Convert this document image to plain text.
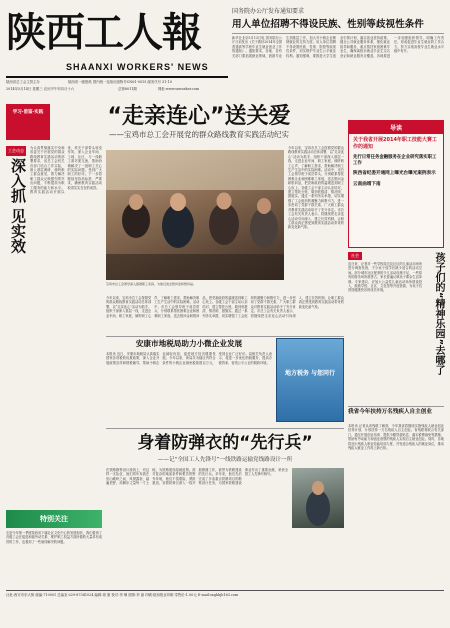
陕西工人報
SHAANXI WORKERS' NEWS
陕西省总工会主管主办	陕西省一级报纸 国内统一连续出版物号CN61-0015 邮发代号 51-10
2014年5月14日 星期三 农历甲午年四月十六	总第8011期	网址:www.sxworker.com
国务院办公厅发布通知要求
用人单位招聘不得设民族、性别等歧视性条件
新华社北京5月13日电 国务院办公厅日前发出《关于做好2014年全国普通高等学校毕业生就业创业工作的通知》。通知要求，各地、各有关部门要拓展就业领域，鼓励毕业生到基层工作，加大对小微企业吸纳就业的支持力度。用人单位招聘不得设置民族、性别、院校等歧视性条件，切实维护毕业生公平就业权利。通知强调，要推进大学生创业引领计划，落实创业扶持政策，健全公共就业服务体系，强化就业指导和服务，重点帮扶家庭困难毕业生，确保离校未就业毕业生实名登记和就业服务全覆盖。各地要进一步加强组织领导，明确工作责任，形成促进毕业生就业的工作合力，努力实现高校毕业生就业水平稳中有升。
学习·借鉴·实践	“走亲连心”送关爱
——宝鸡市总工会开展党的群众路线教育实践活动纪实
导读
关于我省开展2014年职工技能大赛工作的通知
先行日常任务金融服务在企业研究落实职工工作
陕西省纪委开通网上曝光台曝光案例表示
云南曲靖下南
工会动态
深入抓 见实效
为认真贯彻落实中央和省委关于开展党的群众路线教育实践活动的部署要求，省总工会机关各部门结合工作实际，深入基层调研，倾听职工群众意见，着力解决职工群众反映强烈的突出问题，不断提高为职工服务的能力和水平。教育实践活动开展以来，机关干部带头转变作风，深入企业车间、工地、社区，与一线职工面对面交流，帮助协调解决了一批职工关心的实际问题，受到广大职工的好评。下一步将继续坚持高标准、严要求，确保教育实践活动取得实实在在的成效。
宝鸡市总工会领导深入困难职工家庭，为他们送去慰问金和慰问品。
今年以来，宝鸡市总工会按照党的群众路线教育实践活动总体部署，以“走亲连心”活动为抓手，组织干部深入基层一线，走进企业车间、职工家庭，倾听职工心声，了解职工需求，帮助解决职工生产生活中的实际困难。活动中，市总工会领导班子成员带头，分别联系帮扶困难企业和困难职工家庭，送去慰问金和慰问品，把党和政府的温暖送到职工心坎上。各级工会干部主动认亲结对，建立帮扶台账，做到底数清、情况明、措施实。通过一系列务实举措，切实增强了工会组织的凝聚力和吸引力，进一步密切了党群干群关系，广大职工群众对教育实践活动给予了充分肯定。市总工会有关负责人表示，将继续把走亲连心活动引向深入，建立长效机制，让职工群众真正感受到教育实践活动带来的新变化新气象。
今年以来，宝鸡市总工会按照党的群众路线教育实践活动总体部署，以“走亲连心”活动为抓手，组织干部深入基层一线，走进企业车间、职工家庭，倾听职工心声，了解职工需求，帮助解决职工生产生活中的实际困难。活动中，市总工会领导班子成员带头，分别联系帮扶困难企业和困难职工家庭，送去慰问金和慰问品，把党和政府的温暖送到职工心坎上。各级工会干部主动认亲结对，建立帮扶台账，做到底数清、情况明、措施实。通过一系列务实举措，切实增强了工会组织的凝聚力和吸引力，进一步密切了党群干群关系，广大职工群众对教育实践活动给予了充分肯定。市总工会有关负责人表示，将继续把走亲连心活动引向深入，建立长效机制，让职工群众真正感受到教育实践活动带来的新变化新气象。
社会
连日来，记者对一些学校周边及社区的儿童活动场所进行调查发现，不少孩子放学后缺少适合的活动空间。部分城市社区配套的少儿活动设施不足，一些原有的游乐场所被挤占，家长普遍反映孩子课余生活单调。专家建议，应加大公益性儿童活动场所建设投入，鼓励学校、社区、文化馆等开放资源，为孩子们营造健康快乐的成长环境。	孩子们的“精神乐园”去哪了
安康市地税局助力小微企业发展
本报讯 近日，安康市地税局认真落实国家各项税收优惠政策，深入企业开展政策宣传和纳税辅导，帮助小微企业减轻负担，促进地方经济健康发展。今年以来，该局共为辖区内符合条件的小微企业减免税款数百万元，受到企业广泛好评。局相关负责人表示，将进一步优化纳税服务，提高办税效率，营造公平公正的税收环境。
地方税务 与您同行
我省今年扶持万名残疾人自主创业
本报讯 记者从省残联了解到，今年我省将继续实施残疾人就业创业扶持计划，计划扶持一万名残疾人自主创业。省残联将联合有关部门，通过开展创业培训、提供小额贷款贴息、落实税费减免等措施，帮助有劳动能力和创业意愿的残疾人实现自主就业创业。同时，各地将加大残疾人职业技能培训力度，开发适合残疾人的就业岗位，推动残疾人就业工作再上新台阶。
身着防弹衣的“先行兵”
——记“全国工人先锋号”一线铁路运输党线路设计一所
在铁路勘察设计战线上，有这样一支队伍，他们常年奔波在崇山峻岭之间，风餐露宿，踏遍荒野，用脚步丈量每一寸土地，为铁路建设绘就蓝图。面对复杂的地质条件和艰苦的野外环境，他们不畏艰险，勇挑重担，穿着防弹衣深入一线开展勘测工作，被誉为铁路建设的先行兵。多年来，他们先后完成了多条重点铁路项目的勘察设计任务，为国家铁路建设事业作出了重要贡献，荣获全国工人先锋号称号。
特别关注
走进今年第一季度陕西省下属社区文化中心的发展现状，我们看到了各级工会在促进和谐劳动关系、维护职工权益方面所做的大量卓有成效的工作，也看到了一些亟待解决的问题。
社址:西安市东大街 邮编:710001 总编室:029-87341024 编辑:周 康 校对:李 琳 照排:李 丽 印刷:陕西报业印刷 零售价:1.00元 E-mail:sxghbjb163.com
